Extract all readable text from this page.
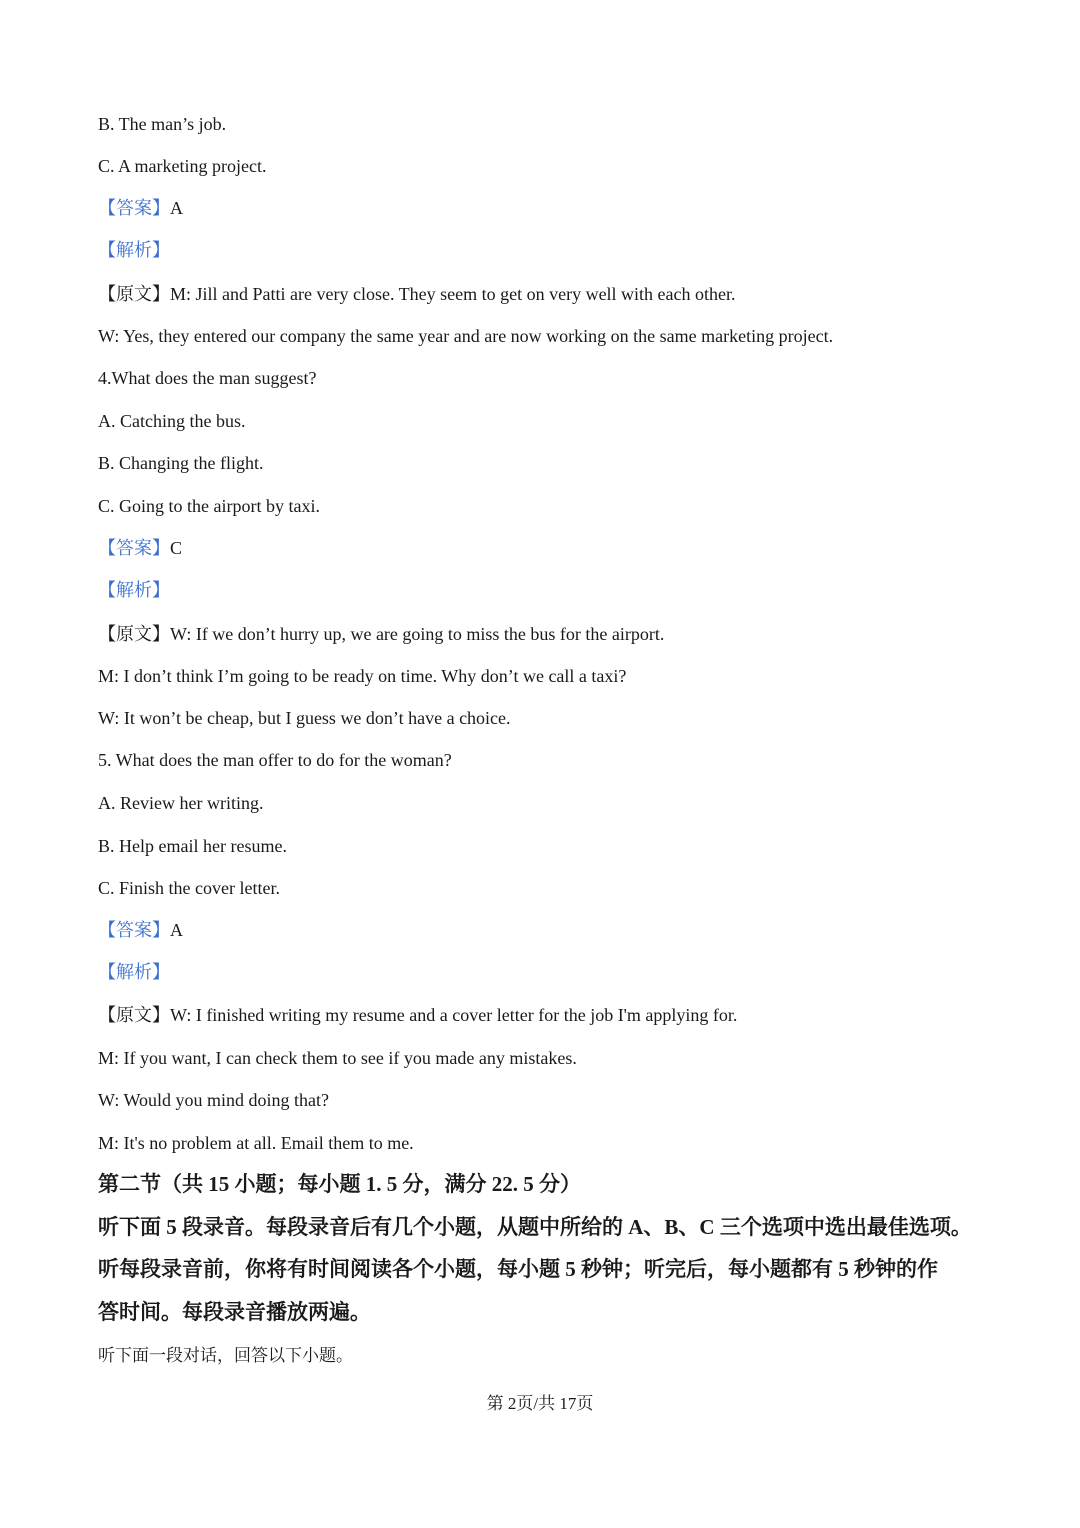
B. The man’s job.
C. A marketing project.
【答案】A
【解析】
【原文】M: Jill and Patti are very close. They seem to get on very well with each other.
W: Yes, they entered our company the same year and are now working on the same marketing project.
4.What does the man suggest?
A. Catching the bus.
B. Changing the flight.
C. Going to the airport by taxi.
【答案】C
【解析】
【原文】W: If we don’t hurry up, we are going to miss the bus for the airport.
M: I don’t think I’m going to be ready on time. Why don’t we call a taxi?
W: It won’t be cheap, but I guess we don’t have a choice.
5. What does the man offer to do for the woman?
A. Review her writing.
B. Help email her resume.
C. Finish the cover letter.
【答案】A
【解析】
【原文】W: I finished writing my resume and a cover letter for the job I'm applying for.
M: If you want, I can check them to see if you made any mistakes.
W: Would you mind doing that?
M: It's no problem at all. Email them to me.
第二节（共 15 小题；每小题 1. 5 分，满分 22. 5 分）
听下面 5 段录音。每段录音后有几个小题，从题中所给的 A、B、C 三个选项中选出最佳选项。
听每段录音前，你将有时间阅读各个小题，每小题 5 秒钟；听完后，每小题都有 5 秒钟的作
答时间。每段录音播放两遍。
听下面一段对话，回答以下小题。
第 2页/共 17页
